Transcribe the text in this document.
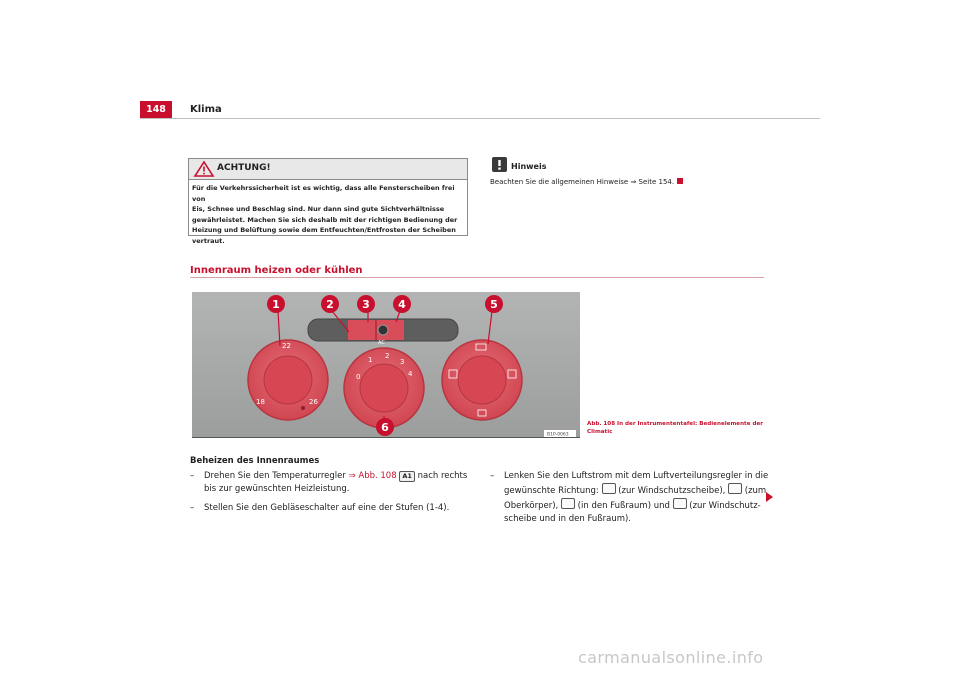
148	Klima
ACHTUNG!
Für die Verkehrssicherheit ist es wichtig, dass alle Fensterscheiben frei von
Eis, Schnee und Beschlag sind. Nur dann sind gute Sichtverhältnisse
gewährleistet. Machen Sie sich deshalb mit der richtigen Bedienung der
Heizung und Belüftung sowie dem Entfeuchten/Entfrosten der Scheiben
vertraut.
Hinweis
Beachten Sie die allgemeinen Hinweise ⇒ Seite 154.
Innenraum heizen oder kühlen
AC
22
18	26
0
1 2
3
4
1	2	3	4	5
6
B1P-0063
Abb. 108 In der Instrumententafel: Bedienelemente der
Climatic
Beheizen des Innenraumes
–	Drehen Sie den Temperaturregler ⇒ Abb. 108 A1 nach rechts
bis zur gewünschten Heizleistung.
–	Stellen Sie den Gebläseschalter auf eine der Stufen (1-4).
–	Lenken Sie den Luftstrom mit dem Luftverteilungsregler in die
gewünschte Richtung:  (zur Windschutzscheibe),  (zum
Oberkörper),  (in den Fußraum) und  (zur Windschutz-
scheibe und in den Fußraum).
carmanualsonline.info
